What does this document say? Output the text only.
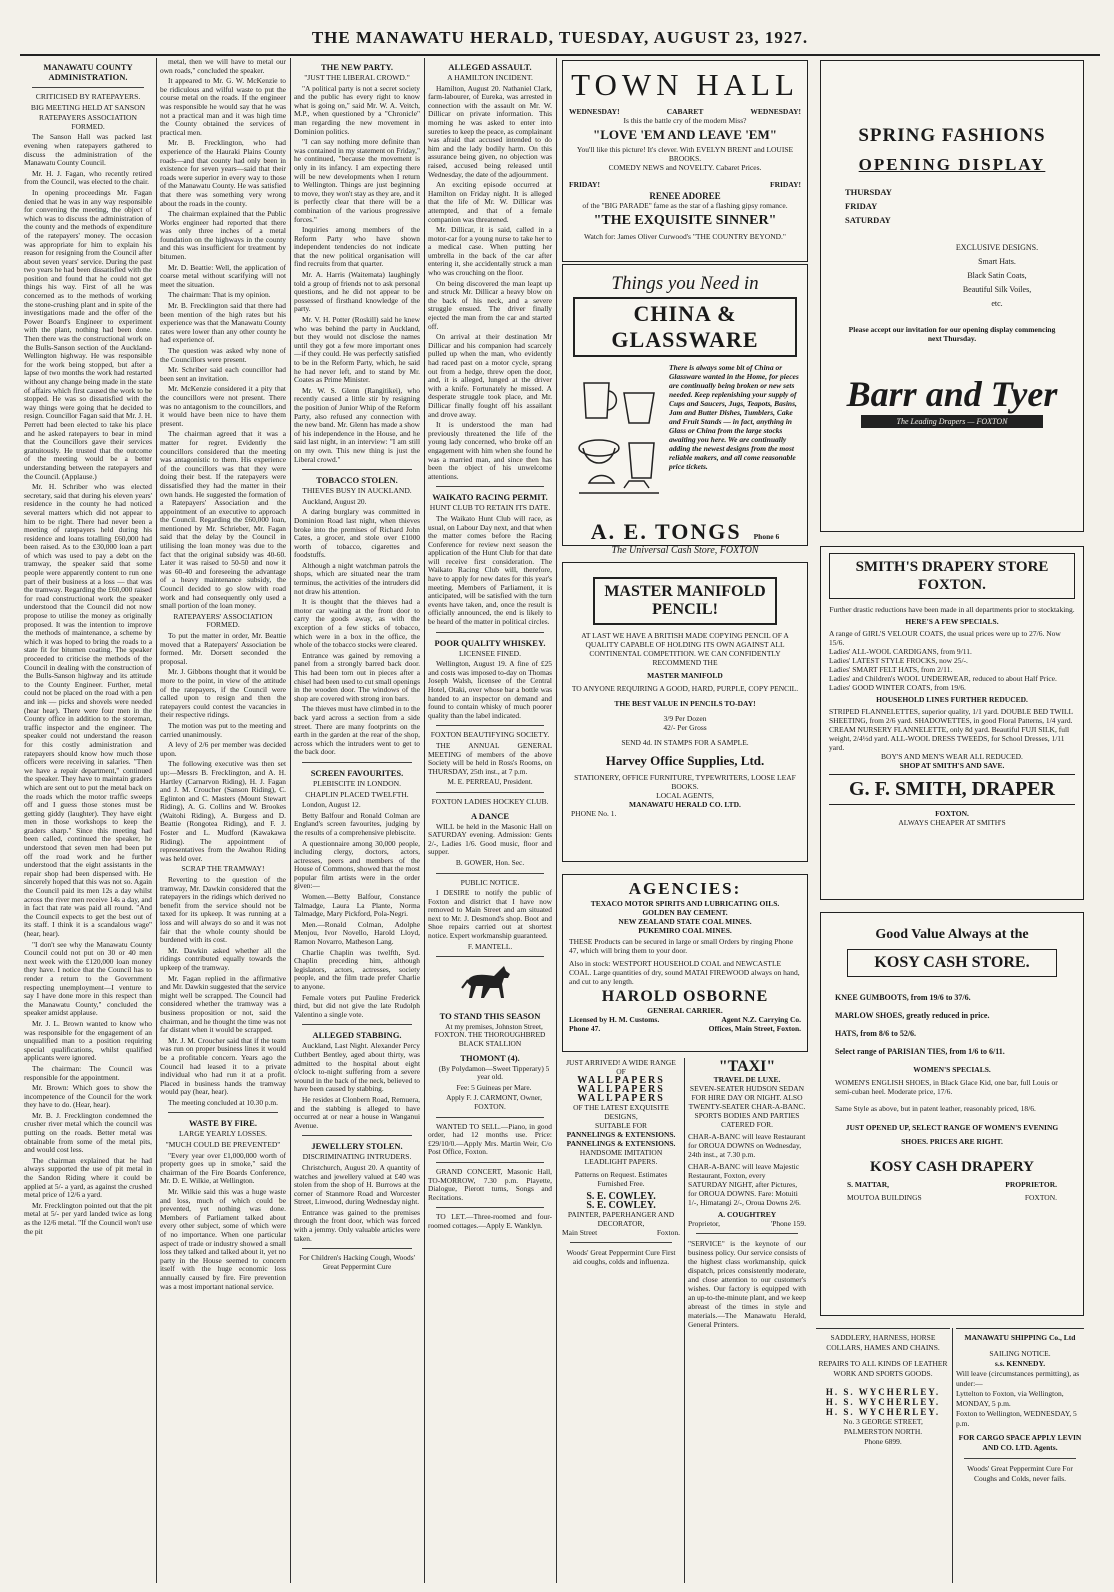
THE MANAWATU HERALD, TUESDAY, AUGUST 23, 1927.
MANAWATU COUNTY ADMINISTRATION.
CRITICISED BY RATEPAYERS.
BIG MEETING HELD AT SANSON
RATEPAYERS ASSOCIATION FORMED.

The Sanson Hall was packed last evening when ratepayers gathered to discuss the administration of the Manawatu County Council.

Mr. H. J. Fagan, who recently retired from the Council, was elected to the chair.

In opening proceedings Mr. Fagan denied that he was in any way responsible for convening the meeting, the object of which was to discuss the administration of the county and the methods of expenditure of the ratepayers' money. The occasion was appropriate for him to explain his reason for resigning from the Council after about seven years' service. During the past two years he had been dissatisfied with the position and found that he could not get things his way. First of all he was concerned as to the methods of working the stone-crushing plant and in spite of the investigations made and the offer of the Power Board's Engineer to experiment with the plant, nothing had been done. Then there was the constructional work on the Bulls-Sanson section of the Auckland-Wellington highway. He was responsible for the work being stopped, but after a lapse of two months the work had restarted without any change being made in the state of affairs which first caused the work to be stopped. He was so dissatisfied with the way things were going that he decided to resign. Councillor Fagan said that Mr. J. H. Perrett had been elected to take his place and he asked ratepayers to bear in mind that the Councillors gave their services gratuitously. He trusted that the outcome of the meeting would be a better understanding between the ratepayers and the Council. (Applause.)

Mr. H. Schriber who was elected secretary, said that during his eleven years' residence in the county he had noticed several matters which did not appear to him to be right. There had never been a meeting of ratepayers held during his residence and loans totalling £60,000 had been raised. As to the £30,000 loan a part of which was used to pay a debt on the tramway, the speaker said that some people were apparently content to run one part of their business at a loss — that was the tramway. Regarding the £60,000 raised for road constructional work the speaker understood that the Council did not now propose to utilise the money as originally proposed. It was the intention to improve the methods of maintenance, a scheme by which it was hoped to bring the roads to a state fit for bitumen coating. The speaker proceeded to criticise the methods of the Council in dealing with the construction of the Bulls-Sanson highway and its attitude to the County Engineer. Further, metal could not be placed on the road with a pen and ink — picks and shovels were needed (hear hear). There were four men in the County office in addition to the storeman, traffic inspector and the engineer. The speaker could not understand the reason for this costly administration and ratepayers should know how much those officers were receiving in salaries. "Then we have a repair department," continued the speaker. They have to maintain graders which are sent out to put the metal back on the roads which the motor traffic sweeps off and I guess those stones must be getting giddy (laughter). They have eight men in those workshops to keep the graders sharp." Since this meeting had been called, continued the speaker, he understood that seven men had been put off the road work and he further understood that the eight assistants in the repair shop had been dispensed with. He sincerely hoped that this was not so. Again the Council paid its men 12s a day whilst across the river men receive 14s a day, and in fact that rate was paid all round. "And the Council expects to get the best out of its staff. I think it is a scandalous wage" (hear, hear).

"I don't see why the Manawatu County Council could not put on 30 or 40 men next week with the £120,000 loan money they have. I notice that the Council has to render a return to the Government respecting unemployment—I venture to say I have done more in this respect than the Manawatu County," concluded the speaker amidst applause.

Mr. J. L. Brown wanted to know who was responsible for the engagement of an unqualified man to a position requiring special qualifications, whilst qualified applicants were ignored.

The chairman: The Council was responsible for the appointment.

Mr. Brown: Which goes to show the incompetence of the Council for the work they have to do. (Hear, hear).

Mr. B. J. Frecklington condemned the crusher river metal which the council was putting on the roads. Better metal was obtainable from some of the metal pits, and would cost less.

The chairman explained that he had always supported the use of pit metal in the Sandon Riding where it could be applied at 5/- a yard, as against the crushed metal price of 12/6 a yard.

Mr. Frecklington pointed out that the pit metal at 5/- per yard landed twice as long as the 12/6 metal. "If the Council won't use the pit

metal, then we will have to metal our own roads," concluded the speaker.

It appeared to Mr. G. W. McKenzie to be ridiculous and wilful waste to put the course metal on the roads. If the engineer was responsible he would say that he was not a practical man and it was high time the County obtained the services of practical men.

Mr. B. Frecklington, who had experience of the Hauraki Plains County roads—and that county had only been in existence for seven years—said that their roads were superior in every way to those of the Manawatu County. He was satisfied that there was something very wrong about the roads in the county.

The chairman explained that the Public Works engineer had reported that there was only three inches of a metal foundation on the highways in the county and this was insufficient for treatment by bitumen.

Mr. D. Beattie: Well, the application of coarse metal without scarifying will not meet the situation.

The chairman: That is my opinion.

Mr. B. Frecklington said that there had been mention of the high rates but his experience was that the Manawatu County rates were lower than any other county he had experience of.

The question was asked why none of the Councillors were present.

Mr. Schriber said each councillor had been sent an invitation.

Mr. McKenzie considered it a pity that the councillors were not present. There was no antagonism to the councillors, and it would have been nice to have them present.

The chairman agreed that it was a matter for regret. Evidently the councillors considered that the meeting was antagonistic to them. His experience of the councillors was that they were doing their best. If the ratepayers were dissatisfied they had the matter in their own hands. He suggested the formation of a Ratepayers' Association and the appointment of an executive to approach the Council. Regarding the £60,000 loan, mentioned by Mr. Schrieber, Mr. Fagan said that the delay by the Council in utilising the loan money was due to the fact that the original subsidy was 40-60. Later it was raised to 50-50 and now it was 60-40 and foreseeing the advantage of a heavy maintenance subsidy, the Council decided to go slow with road work and had consequently only used a small portion of the loan money.

RATEPAYERS' ASSOCIATION FORMED.

To put the matter in order, Mr. Beattie moved that a Ratepayers' Association be formed. Mr. Dorsett seconded the proposal.

Mr. J. Gibbons thought that it would be more to the point, in view of the attitude of the ratepayers, if the Council were called upon to resign and then the ratepayers could contest the vacancies in their respective ridings.

The motion was put to the meeting and carried unanimously.

A levy of 2/6 per member was decided upon.

The following executive was then set up:—Messrs B. Frecklington, and A. H. Hartley (Carnarvon Riding), H. J. Fagan and J. M. Croucher (Sanson Riding), C. Eglinton and C. Masters (Mount Stewart Riding), A. G. Collins and W. Brookes (Waitohi Riding), A. Burgess and D. Beattie (Rongotea Riding), and F. J. Foster and L. Mudford (Kawakawa Riding). The appointment of representatives from the Awahou Riding was held over.

SCRAP THE TRAMWAY!

Reverting to the question of the tramway, Mr. Dawkin considered that the ratepayers in the ridings which derived no benefit from the service should not be taxed for its upkeep. It was running at a loss and will always do so and it was not fair that the whole county should be burdened with its cost.

Mr. Dawkin asked whether all the ridings contributed equally towards the upkeep of the tramway.

Mr. Fagan replied in the affirmative and Mr. Dawkin suggested that the service might well be scrapped. The Council had considered whether the tramway was a business proposition or not, said the chairman, and he thought the time was not far distant when it would be scrapped.

Mr. J. M. Croucher said that if the team was run on proper business lines it would be a profitable concern. Years ago the Council had leased it to a private individual who had run it at a profit. Placed in business hands the tramway would pay (hear, hear).

The meeting concluded at 10.30 p.m.

WASTE BY FIRE.
LARGE YEARLY LOSSES.
"MUCH COULD BE PREVENTED"

"Every year over £1,000,000 worth of property goes up in smoke," said the chairman of the Fire Boards Conference, Mr. D. E. Wilkie, at Wellington.

Mr. Wilkie said this was a huge waste and loss, much of which could be prevented, yet nothing was done. Members of Parliament talked about every other subject, some of which were of no importance. When one particular aspect of trade or industry showed a small loss they talked and talked about it, yet no party in the House seemed to concern itself with the huge economic loss annually caused by fire. Fire prevention was a most important national service.

THE NEW PARTY.
"JUST THE LIBERAL CROWD."

"A political party is not a secret society and the public has every right to know what is going on," said Mr. W. A. Veitch, M.P., when questioned by a "Chronicle" man regarding the new movement in Dominion politics.

"I can say nothing more definite than was contained in my statement on Friday," he continued, "because the movement is only in its infancy. I am expecting there will be new developments when I return to Wellington. Things are just beginning to move, they won't stay as they are, and it is perfectly clear that there will be a combination of the various progressive forces."

Inquiries among members of the Reform Party who have shown independent tendencies do not indicate that the new political organisation will find recruits from that quarter.

Mr. A. Harris (Waitemata) laughingly told a group of friends not to ask personal questions, and he did not appear to be possessed of firsthand knowledge of the party.

Mr. V. H. Potter (Roskill) said he knew who was behind the party in Auckland, but they would not disclose the names until they got a few more important ones—if they could. He was perfectly satisfied to be in the Reform Party, which, he said he had never left, and to stand by Mr. Coates as Prime Minister.

Mr. W. S. Glenn (Rangitikei), who recently caused a little stir by resigning the position of Junior Whip of the Reform Party, also refused any connection with the new band. Mr. Glenn has made a show of his independence in the House, and he said last night, in an interview: "I am still on my own. This new thing is just the Liberal crowd."

TOBACCO STOLEN.
THIEVES BUSY IN AUCKLAND.

Auckland, August 20.

A daring burglary was committed in Dominion Road last night, when thieves broke into the premises of Richard John Cates, a grocer, and stole over £1000 worth of tobacco, cigarettes and foodstuffs.

Although a night watchman patrols the shops, which are situated near the tram terminus, the activities of the intruders did not draw his attention.

It is thought that the thieves had a motor car waiting at the front door to carry the goods away, as with the exception of a few sticks of tobacco, which were in a box in the office, the whole of the tobacco stocks were cleared.

Entrance was gained by removing a panel from a strongly barred back door. This had been torn out in pieces after a chisel had been used to cut small openings in the wooden door. The windows of the shop are covered with strong iron bars.

The thieves must have climbed in to the back yard across a section from a side street. There are many footprints on the earth in the garden at the rear of the shop, across which the intruders went to get to the back door.

SCREEN FAVOURITES.
PLEBISCITE IN LONDON.
CHAPLIN PLACED TWELFTH.

London, August 12.

Betty Balfour and Ronald Colman are England's screen favourites, judging by the results of a comprehensive plebiscite.

A questionnaire among 30,000 people, including clergy, doctors, actors, actresses, peers and members of the House of Commons, showed that the most popular film artists were in the order given:—

Women.—Betty Balfour, Constance Talmadge, Laura La Plante, Norma Talmadge, Mary Pickford, Pola-Negri.

Men.—Ronald Colman, Adolphe Menjou, Ivor Novello, Harold Lloyd, Ramon Novarro, Matheson Lang.

Charlie Chaplin was twelfth, Syd. Chaplin preceding him, although legislators, actors, actresses, society people, and the film trade prefer Charlie to anyone.

Female voters put Pauline Frederick third, but did not give the late Rudolph Valentino a single vote.

ALLEGED STABBING.

Auckland, Last Night. Alexander Percy Cuthbert Bentley, aged about thirty, was admitted to the hospital about eight o'clock to-night suffering from a severe wound in the back of the neck, believed to have been caused by stabbing.

He resides at Clonbern Road, Remuera, and the stabbing is alleged to have occurred at or near a house in Wanganui Avenue.

JEWELLERY STOLEN.
DISCRIMINATING INTRUDERS.

Christchurch, August 20. A quantity of watches and jewellery valued at £40 was stolen from the shop of H. Burrows at the corner of Stanmore Road and Worcester Street, Linwood, during Wednesday night.

Entrance was gained to the premises through the front door, which was forced with a jemmy. Only valuable articles were taken.

For Children's Hacking Cough, Woods' Great Peppermint Cure
ALLEGED ASSAULT.
A HAMILTON INCIDENT.

Hamilton, August 20. Nathaniel Clark, farm-labourer, of Eureka, was arrested in connection with the assault on Mr. W. Dillicar on private information. This morning he was asked to enter into sureties to keep the peace, as complainant was afraid that accused intended to do him and the lady bodily harm. On this assurance being given, no objection was raised, accused being released until Wednesday, the date of the adjournment.

An exciting episode occurred at Hamilton on Friday night. It is alleged that the life of Mr. W. Dillicar was attempted, and that of a female companion was threatened.

Mr. Dillicar, it is said, called in a motor-car for a young nurse to take her to a medical case. When putting her umbrella in the back of the car after entering it, she accidentally struck a man who was crouching on the floor.

On being discovered the man leapt up and struck Mr. Dillicar a heavy blow on the back of his neck, and a severe struggle ensued. The driver finally ejected the man from the car and started off.

On arrival at their destination Mr Dillicar and his companion had scarcely pulled up when the man, who evidently had raced past on a motor cycle, sprang out from a hedge, threw open the door, and, it is alleged, lunged at the driver with a knife. Fortunately he missed. A desperate struggle took place, and Mr. Dillicar finally fought off his assailant and drove away.

It is understood the man had previously threatened the life of the young lady concerned, who broke off an engagement with him when she found he was a married man, and since then has been the object of his unwelcome attentions.

WAIKATO RACING PERMIT.
HUNT CLUB TO RETAIN ITS DATE.

The Waikato Hunt Club will race, as usual, on Labour Day next, and that when the matter comes before the Racing Conference for review next season the application of the Hunt Club for that date will receive first consideration. The Waikato Racing Club will, therefore, have to apply for new dates for this year's meeting. Members of Parliament, it is anticipated, will be satisfied with the turn events have taken, and, once the result is officially announced, the end is likely to be heard of the matter in political circles.

POOR QUALITY WHISKEY.
LICENSEE FINED.

Wellington, August 19. A fine of £25 and costs was imposed to-day on Thomas Joseph Walsh, licensee of the Central Hotel, Otaki, over whose bar a bottle was handed to an inspector on demand and found to contain whisky of much poorer quality than the label indicated.

FOXTON BEAUTIFYING SOCIETY.

THE ANNUAL GENERAL MEETING of members of the above Society will be held in Ross's Rooms, on THURSDAY, 25th inst., at 7 p.m.

M. E. PERREAU, President.
FOXTON LADIES HOCKEY CLUB.
A DANCE

WILL be held in the Masonic Hall on SATURDAY evening. Admission: Gents 2/-, Ladies 1/6. Good music, floor and supper.

B. GOWER, Hon. Sec.
PUBLIC NOTICE.

I DESIRE to notify the public of Foxton and district that I have now removed to Main Street and am situated next to Mr. J. Desmond's shop. Boot and Shoe repairs carried out at shortest notice. Expert workmanship guaranteed.

F. MANTELL.
TO STAND THIS SEASON

At my premises, Johnston Street, FOXTON. THE THOROUGHBRED BLACK STALLION

THOMONT (4).

(By Polydamon—Sweet Tipperary) 5 year old.

Fee: 5 Guineas per Mare.

Apply F. J. CARMONT, Owner, FOXTON.

WANTED TO SELL.—Piano, in good order, had 12 months use. Price: £29/10/0.—Apply Mrs. Martin Weir, C/o Post Office, Foxton.

GRAND CONCERT, Masonic Hall, TO-MORROW, 7.30 p.m. Playette, Dialogue, Pierott turns, Songs and Recitations.

TO LET.—Three-roomed and four-roomed cottages.—Apply E. Wanklyn.

TOWN HALL
WEDNESDAY!	CABARET	WEDNESDAY!
Is this the battle cry of the modern Miss?
"LOVE 'EM AND LEAVE 'EM"
You'll like this picture! It's clever. With EVELYN BRENT and LOUISE BROOKS.
COMEDY NEWS and NOVELTY. Cabaret Prices.
FRIDAY!	FRIDAY!
RENEE ADOREE
of the "BIG PARADE" fame as the star of a flashing gipsy romance.
"THE EXQUISITE SINNER"
Watch for: James Oliver Curwood's "THE COUNTRY BEYOND."
Things you Need in
CHINA & GLASSWARE
There is always some bit of China or Glassware wanted in the Home, for pieces are continually being broken or new sets needed. Keep replenishing your supply of Cups and Saucers, Jugs, Teapots, Basins, Jam and Butter Dishes, Tumblers, Cake and Fruit Stands — in fact, anything in Glass or China from the large stocks awaiting you here. We are continually adding the newest designs from the most reliable makers, and all come reasonable price tickets.
A. E. TONGS Phone 6
The Universal Cash Store, FOXTON
MASTER MANIFOLD PENCIL!
AT LAST WE HAVE A BRITISH MADE COPYING PENCIL OF A QUALITY CAPABLE OF HOLDING ITS OWN AGAINST ALL CONTINENTAL COMPETITION. WE CAN CONFIDENTLY RECOMMEND THE
MASTER MANIFOLD
TO ANYONE REQUIRING A GOOD, HARD, PURPLE, COPY PENCIL.
THE BEST VALUE IN PENCILS TO-DAY!
3/9 Per Dozen
42/- Per Gross
SEND 4d. IN STAMPS FOR A SAMPLE.
Harvey Office Supplies, Ltd.
STATIONERY, OFFICE FURNITURE, TYPEWRITERS, LOOSE LEAF BOOKS.
LOCAL AGENTS,
MANAWATU HERALD CO. LTD.
PHONE No. 1.
AGENCIES:
TEXACO MOTOR SPIRITS AND LUBRICATING OILS.
GOLDEN BAY CEMENT.
NEW ZEALAND STATE COAL MINES.
PUKEMIRO COAL MINES.
THESE Products can be secured in large or small Orders by ringing Phone 47, which will bring them to your door.
Also in stock: WESTPORT HOUSEHOLD COAL and NEWCASTLE COAL. Large quantities of dry, sound MATAI FIREWOOD always on hand, and cut to any length.
HAROLD OSBORNE
GENERAL CARRIER.
Licensed by H. M. Customs.	Agent N.Z. Carrying Co.
Phone 47.	Offices, Main Street, Foxton.
JUST ARRIVED! A WIDE RANGE OF
WALLPAPERS
WALLPAPERS
WALLPAPERS
OF THE LATEST EXQUISITE DESIGNS,
SUITABLE FOR
PANNELINGS & EXTENSIONS.
PANNELINGS & EXTENSIONS.
HANDSOME IMITATION LEADLIGHT PAPERS.
Patterns on Request. Estimates Furnished Free.
S. E. COWLEY.
S. E. COWLEY.
PAINTER, PAPERHANGER AND DECORATOR,
Main Street	Foxton.
Woods' Great Peppermint Cure First aid coughs, colds and influenza.
"TAXI"
TRAVEL DE LUXE.
SEVEN-SEATER HUDSON SEDAN FOR HIRE DAY OR NIGHT. ALSO
TWENTY-SEATER CHAR-A-BANC.
SPORTS BODIES AND PARTIES CATERED FOR.
CHAR-A-BANC will leave Restaurant for OROUA DOWNS on Wednesday, 24th inst., at 7.30 p.m.
CHAR-A-BANC will leave Majestic Restaurant, Foxton, every SATURDAY NIGHT, after Pictures, for OROUA DOWNS. Fare: Motuiti 1/-, Himatangi 2/-, Oroua Downs 2/6.
A. COUGHTREY
Proprietor,	'Phone 159.
"SERVICE" is the keynote of our business policy. Our service consists of the highest class workmanship, quick dispatch, prices consistently moderate, and close attention to our customer's wishes. Our factory is equipped with an up-to-the-minute plant, and we keep abreast of the times in style and materials.—The Manawatu Herald, General Printers.
SPRING FASHIONS
OPENING DISPLAY
THURSDAY
FRIDAY
SATURDAY
EXCLUSIVE DESIGNS.
Smart Hats.
Black Satin Coats,
Beautiful Silk Voiles,
etc.
Please accept our invitation for our opening display commencing next Thursday.
Barr and Tyer
The Leading Drapers — FOXTON
SMITH'S DRAPERY STORE FOXTON.
Further drastic reductions have been made in all departments prior to stocktaking.
HERE'S A FEW SPECIALS.
A range of GIRL'S VELOUR COATS, the usual prices were up to 27/6. Now 15/6.
Ladies' ALL-WOOL CARDIGANS, from 9/11.
Ladies' LATEST STYLE FROCKS, now 25/-.
Ladies' SMART FELT HATS, from 2/11.
Ladies' and Children's WOOL UNDERWEAR, reduced to about Half Price.
Ladies' GOOD WINTER COATS, from 19/6.
HOUSEHOLD LINES FURTHER REDUCED.
STRIPED FLANNELETTES, superior quality, 1/1 yard. DOUBLE BED TWILL SHEETING, from 2/6 yard. SHADOWETTES, in good Floral Patterns, 1/4 yard. CREAM NURSERY FLANNELETTE, only 8d yard. Beautiful FUJI SILK, full weight, 2/4½d yard. ALL-WOOL DRESS TWEEDS, for School Dresses, 1/11 yard.
BOY'S AND MEN'S WEAR ALL REDUCED.
SHOP AT SMITH'S AND SAVE.
G. F. SMITH, DRAPER
FOXTON.
ALWAYS CHEAPER AT SMITH'S
Good Value Always at the
KOSY CASH STORE.
KNEE GUMBOOTS, from 19/6 to 37/6.
MARLOW SHOES, greatly reduced in price.
HATS, from 8/6 to 52/6.
Select range of PARISIAN TIES, from 1/6 to 6/11.
WOMEN'S SPECIALS.
WOMEN'S ENGLISH SHOES, in Black Glace Kid, one bar, full Louis or semi-cuban heel. Moderate price, 17/6.
Same Style as above, but in patent leather, reasonably priced, 18/6.
JUST OPENED UP, SELECT RANGE OF WOMEN'S EVENING SHOES. PRICES ARE RIGHT.
KOSY CASH DRAPERY
S. MATTAR,	PROPRIETOR.
MOUTOA BUILDINGS	FOXTON.
SADDLERY, HARNESS, HORSE COLLARS, HAMES AND CHAINS.
REPAIRS TO ALL KINDS OF LEATHER WORK AND SPORTS GOODS.
H. S. WYCHERLEY.
H. S. WYCHERLEY.
H. S. WYCHERLEY.
No. 3 GEORGE STREET,
PALMERSTON NORTH.
Phone 6899.
MANAWATU SHIPPING Co., Ltd
SAILING NOTICE.
s.s. KENNEDY.
Will leave (circumstances permitting), as under:—
Lyttelton to Foxton, via Wellington, MONDAY, 5 p.m.
Foxton to Wellington, WEDNESDAY, 5 p.m.
FOR CARGO SPACE APPLY LEVIN AND CO. LTD. Agents.
Woods' Great Peppermint Cure For Coughs and Colds, never fails.
